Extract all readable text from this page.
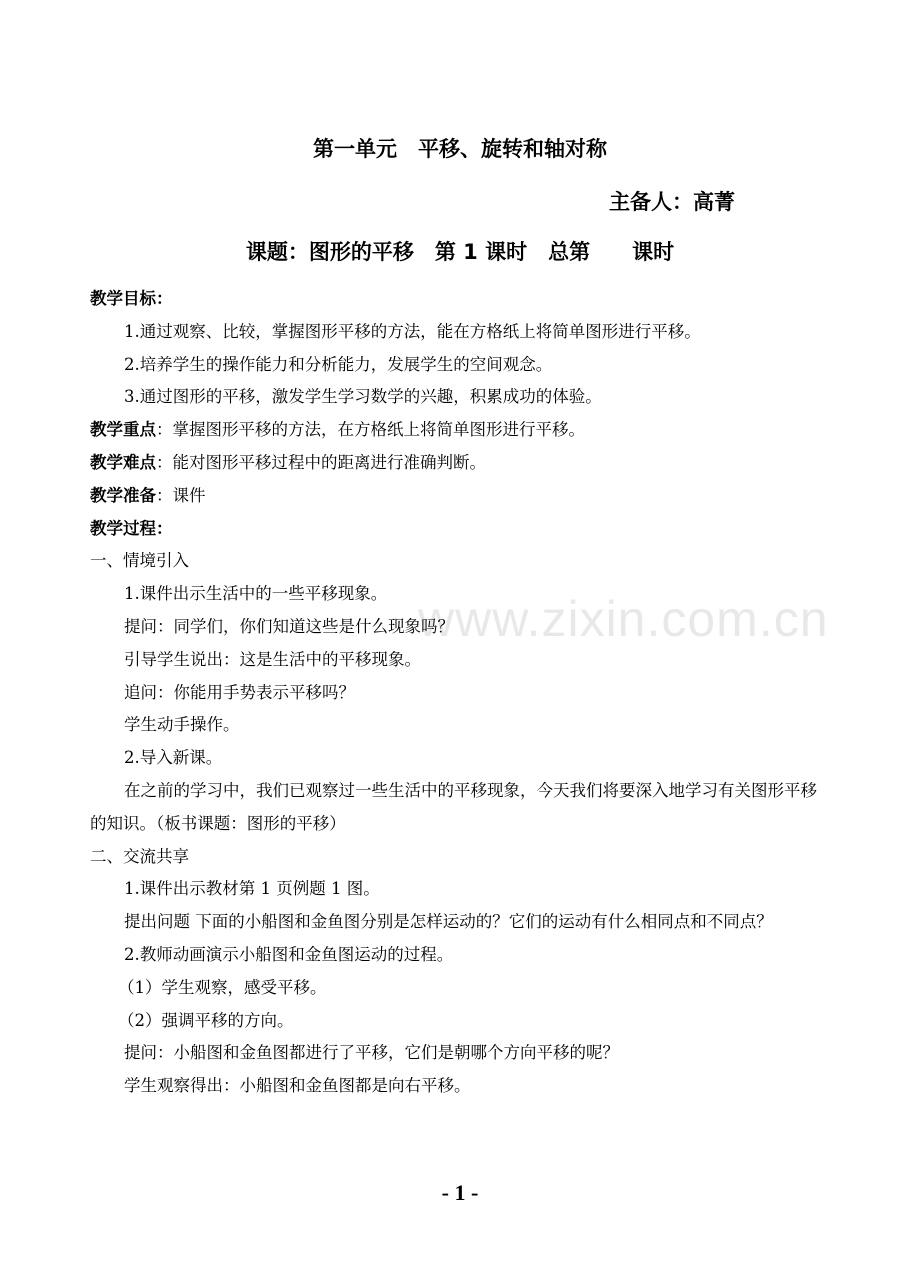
第一单元　平移、旋转和轴对称
主备人：高菁
课题：图形的平移　第 1 课时　总第　　课时

教学目标：

1.通过观察、比较，掌握图形平移的方法，能在方格纸上将简单图形进行平移。

2.培养学生的操作能力和分析能力，发展学生的空间观念。

3.通过图形的平移，激发学生学习数学的兴趣，积累成功的体验。

教学重点：掌握图形平移的方法，在方格纸上将简单图形进行平移。

教学难点：能对图形平移过程中的距离进行准确判断。

教学准备：课件

教学过程：

一、情境引入

1.课件出示生活中的一些平移现象。

提问：同学们，你们知道这些是什么现象吗？

引导学生说出：这是生活中的平移现象。

追问：你能用手势表示平移吗？

学生动手操作。

2.导入新课。

在之前的学习中，我们已观察过一些生活中的平移现象，今天我们将要深入地学习有关图形平移的知识。（板书课题：图形的平移）

二、交流共享

1.课件出示教材第 1 页例题 1 图。

提出问题 下面的小船图和金鱼图分别是怎样运动的？它们的运动有什么相同点和不同点？

2.教师动画演示小船图和金鱼图运动的过程。

（1）学生观察，感受平移。

（2）强调平移的方向。

提问：小船图和金鱼图都进行了平移，它们是朝哪个方向平移的呢？

学生观察得出：小船图和金鱼图都是向右平移。

www.zixin.com.cn
- 1 -
